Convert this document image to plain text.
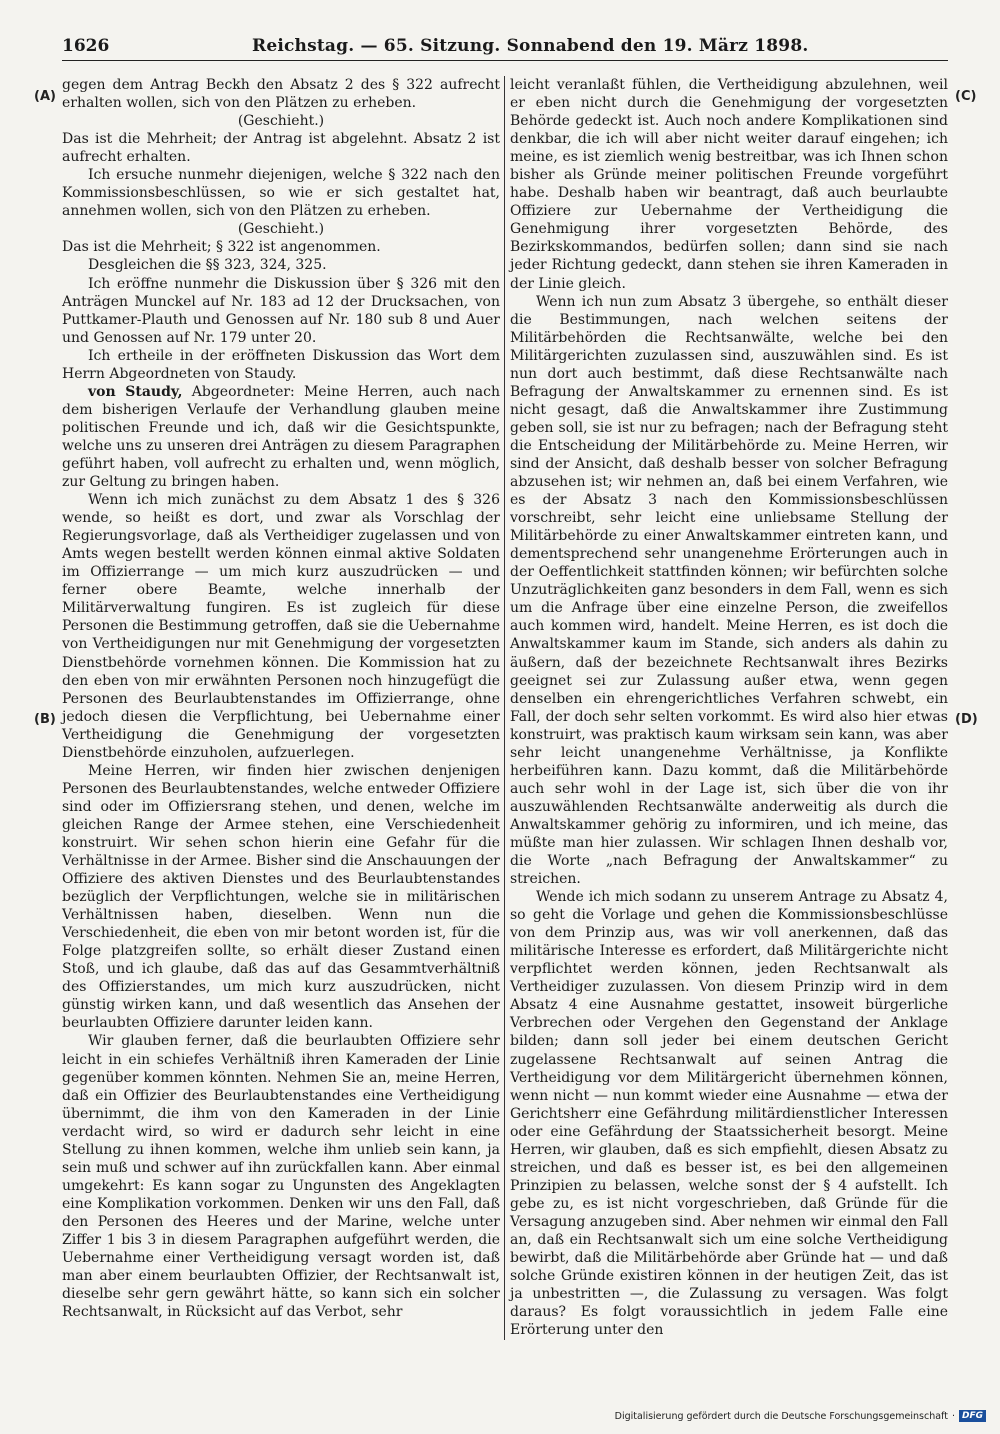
1626	Reichstag. — 65. Sitzung. Sonnabend den 19. März 1898.
(A)
(B)
(C)
(D)

gegen dem Antrag Beckh den Absatz 2 des § 322 aufrecht erhalten wollen, sich von den Plätzen zu erheben.

(Geschieht.)

Das ist die Mehrheit; der Antrag ist abgelehnt. Absatz 2 ist aufrecht erhalten.

Ich ersuche nunmehr diejenigen, welche § 322 nach den Kommissionsbeschlüssen, so wie er sich gestaltet hat, annehmen wollen, sich von den Plätzen zu erheben.

(Geschieht.)

Das ist die Mehrheit; § 322 ist angenommen.

Desgleichen die §§ 323, 324, 325.

Ich eröffne nunmehr die Diskussion über § 326 mit den Anträgen Munckel auf Nr. 183 ad 12 der Drucksachen, von Puttkamer-Plauth und Genossen auf Nr. 180 sub 8 und Auer und Genossen auf Nr. 179 unter 20.

Ich ertheile in der eröffneten Diskussion das Wort dem Herrn Abgeordneten von Staudy.

von Staudy, Abgeordneter: Meine Herren, auch nach dem bisherigen Verlaufe der Verhandlung glauben meine politischen Freunde und ich, daß wir die Gesichtspunkte, welche uns zu unseren drei Anträgen zu diesem Paragraphen geführt haben, voll aufrecht zu erhalten und, wenn möglich, zur Geltung zu bringen haben.

Wenn ich mich zunächst zu dem Absatz 1 des § 326 wende, so heißt es dort, und zwar als Vorschlag der Regierungsvorlage, daß als Vertheidiger zugelassen und von Amts wegen bestellt werden können einmal aktive Soldaten im Offizierrange — um mich kurz auszudrücken — und ferner obere Beamte, welche innerhalb der Militärverwaltung fungiren. Es ist zugleich für diese Personen die Bestimmung getroffen, daß sie die Uebernahme von Vertheidigungen nur mit Genehmigung der vorgesetzten Dienstbehörde vornehmen können. Die Kommission hat zu den eben von mir erwähnten Personen noch hinzugefügt die Personen des Beurlaubtenstandes im Offizierrange, ohne jedoch diesen die Verpflichtung, bei Uebernahme einer Vertheidigung die Genehmigung der vorgesetzten Dienstbehörde einzuholen, aufzuerlegen.

Meine Herren, wir finden hier zwischen denjenigen Personen des Beurlaubtenstandes, welche entweder Offiziere sind oder im Offiziersrang stehen, und denen, welche im gleichen Range der Armee stehen, eine Verschiedenheit konstruirt. Wir sehen schon hierin eine Gefahr für die Verhältnisse in der Armee. Bisher sind die Anschauungen der Offiziere des aktiven Dienstes und des Beurlaubtenstandes bezüglich der Verpflichtungen, welche sie in militärischen Verhältnissen haben, dieselben. Wenn nun die Verschiedenheit, die eben von mir betont worden ist, für die Folge platzgreifen sollte, so erhält dieser Zustand einen Stoß, und ich glaube, daß das auf das Gesammtverhältniß des Offizierstandes, um mich kurz auszudrücken, nicht günstig wirken kann, und daß wesentlich das Ansehen der beurlaubten Offiziere darunter leiden kann.

Wir glauben ferner, daß die beurlaubten Offiziere sehr leicht in ein schiefes Verhältniß ihren Kameraden der Linie gegenüber kommen könnten. Nehmen Sie an, meine Herren, daß ein Offizier des Beurlaubtenstandes eine Vertheidigung übernimmt, die ihm von den Kameraden in der Linie verdacht wird, so wird er dadurch sehr leicht in eine Stellung zu ihnen kommen, welche ihm unlieb sein kann, ja sein muß und schwer auf ihn zurückfallen kann. Aber einmal umgekehrt: Es kann sogar zu Ungunsten des Angeklagten eine Komplikation vorkommen. Denken wir uns den Fall, daß den Personen des Heeres und der Marine, welche unter Ziffer 1 bis 3 in diesem Paragraphen aufgeführt werden, die Uebernahme einer Vertheidigung versagt worden ist, daß man aber einem beurlaubten Offizier, der Rechtsanwalt ist, dieselbe sehr gern gewährt hätte, so kann sich ein solcher Rechtsanwalt, in Rücksicht auf das Verbot, sehr

leicht veranlaßt fühlen, die Vertheidigung abzulehnen, weil er eben nicht durch die Genehmigung der vorgesetzten Behörde gedeckt ist. Auch noch andere Komplikationen sind denkbar, die ich will aber nicht weiter darauf eingehen; ich meine, es ist ziemlich wenig bestreitbar, was ich Ihnen schon bisher als Gründe meiner politischen Freunde vorgeführt habe. Deshalb haben wir beantragt, daß auch beurlaubte Offiziere zur Uebernahme der Vertheidigung die Genehmigung ihrer vorgesetzten Behörde, des Bezirkskommandos, bedürfen sollen; dann sind sie nach jeder Richtung gedeckt, dann stehen sie ihren Kameraden in der Linie gleich.

Wenn ich nun zum Absatz 3 übergehe, so enthält dieser die Bestimmungen, nach welchen seitens der Militärbehörden die Rechtsanwälte, welche bei den Militärgerichten zuzulassen sind, auszuwählen sind. Es ist nun dort auch bestimmt, daß diese Rechtsanwälte nach Befragung der Anwaltskammer zu ernennen sind. Es ist nicht gesagt, daß die Anwaltskammer ihre Zustimmung geben soll, sie ist nur zu befragen; nach der Befragung steht die Entscheidung der Militärbehörde zu. Meine Herren, wir sind der Ansicht, daß deshalb besser von solcher Befragung abzusehen ist; wir nehmen an, daß bei einem Verfahren, wie es der Absatz 3 nach den Kommissionsbeschlüssen vorschreibt, sehr leicht eine unliebsame Stellung der Militärbehörde zu einer Anwaltskammer eintreten kann, und dementsprechend sehr unangenehme Erörterungen auch in der Oeffentlichkeit stattfinden können; wir befürchten solche Unzuträglichkeiten ganz besonders in dem Fall, wenn es sich um die Anfrage über eine einzelne Person, die zweifellos auch kommen wird, handelt. Meine Herren, es ist doch die Anwaltskammer kaum im Stande, sich anders als dahin zu äußern, daß der bezeichnete Rechtsanwalt ihres Bezirks geeignet sei zur Zulassung außer etwa, wenn gegen denselben ein ehrengerichtliches Verfahren schwebt, ein Fall, der doch sehr selten vorkommt. Es wird also hier etwas konstruirt, was praktisch kaum wirksam sein kann, was aber sehr leicht unangenehme Verhältnisse, ja Konflikte herbeiführen kann. Dazu kommt, daß die Militärbehörde auch sehr wohl in der Lage ist, sich über die von ihr auszuwählenden Rechtsanwälte anderweitig als durch die Anwaltskammer gehörig zu informiren, und ich meine, das müßte man hier zulassen. Wir schlagen Ihnen deshalb vor, die Worte „nach Befragung der Anwaltskammer“ zu streichen.

Wende ich mich sodann zu unserem Antrage zu Absatz 4, so geht die Vorlage und gehen die Kommissionsbeschlüsse von dem Prinzip aus, was wir voll anerkennen, daß das militärische Interesse es erfordert, daß Militärgerichte nicht verpflichtet werden können, jeden Rechtsanwalt als Vertheidiger zuzulassen. Von diesem Prinzip wird in dem Absatz 4 eine Ausnahme gestattet, insoweit bürgerliche Verbrechen oder Vergehen den Gegenstand der Anklage bilden; dann soll jeder bei einem deutschen Gericht zugelassene Rechtsanwalt auf seinen Antrag die Vertheidigung vor dem Militärgericht übernehmen können, wenn nicht — nun kommt wieder eine Ausnahme — etwa der Gerichtsherr eine Gefährdung militärdienstlicher Interessen oder eine Gefährdung der Staatssicherheit besorgt. Meine Herren, wir glauben, daß es sich empfiehlt, diesen Absatz zu streichen, und daß es besser ist, es bei den allgemeinen Prinzipien zu belassen, welche sonst der § 4 aufstellt. Ich gebe zu, es ist nicht vorgeschrieben, daß Gründe für die Versagung anzugeben sind. Aber nehmen wir einmal den Fall an, daß ein Rechtsanwalt sich um eine solche Vertheidigung bewirbt, daß die Militärbehörde aber Gründe hat — und daß solche Gründe existiren können in der heutigen Zeit, das ist ja unbestritten —, die Zulassung zu versagen. Was folgt daraus? Es folgt voraussichtlich in jedem Falle eine Erörterung unter den

Digitalisierung gefördert durch die Deutsche Forschungsgemeinschaft · DFG
